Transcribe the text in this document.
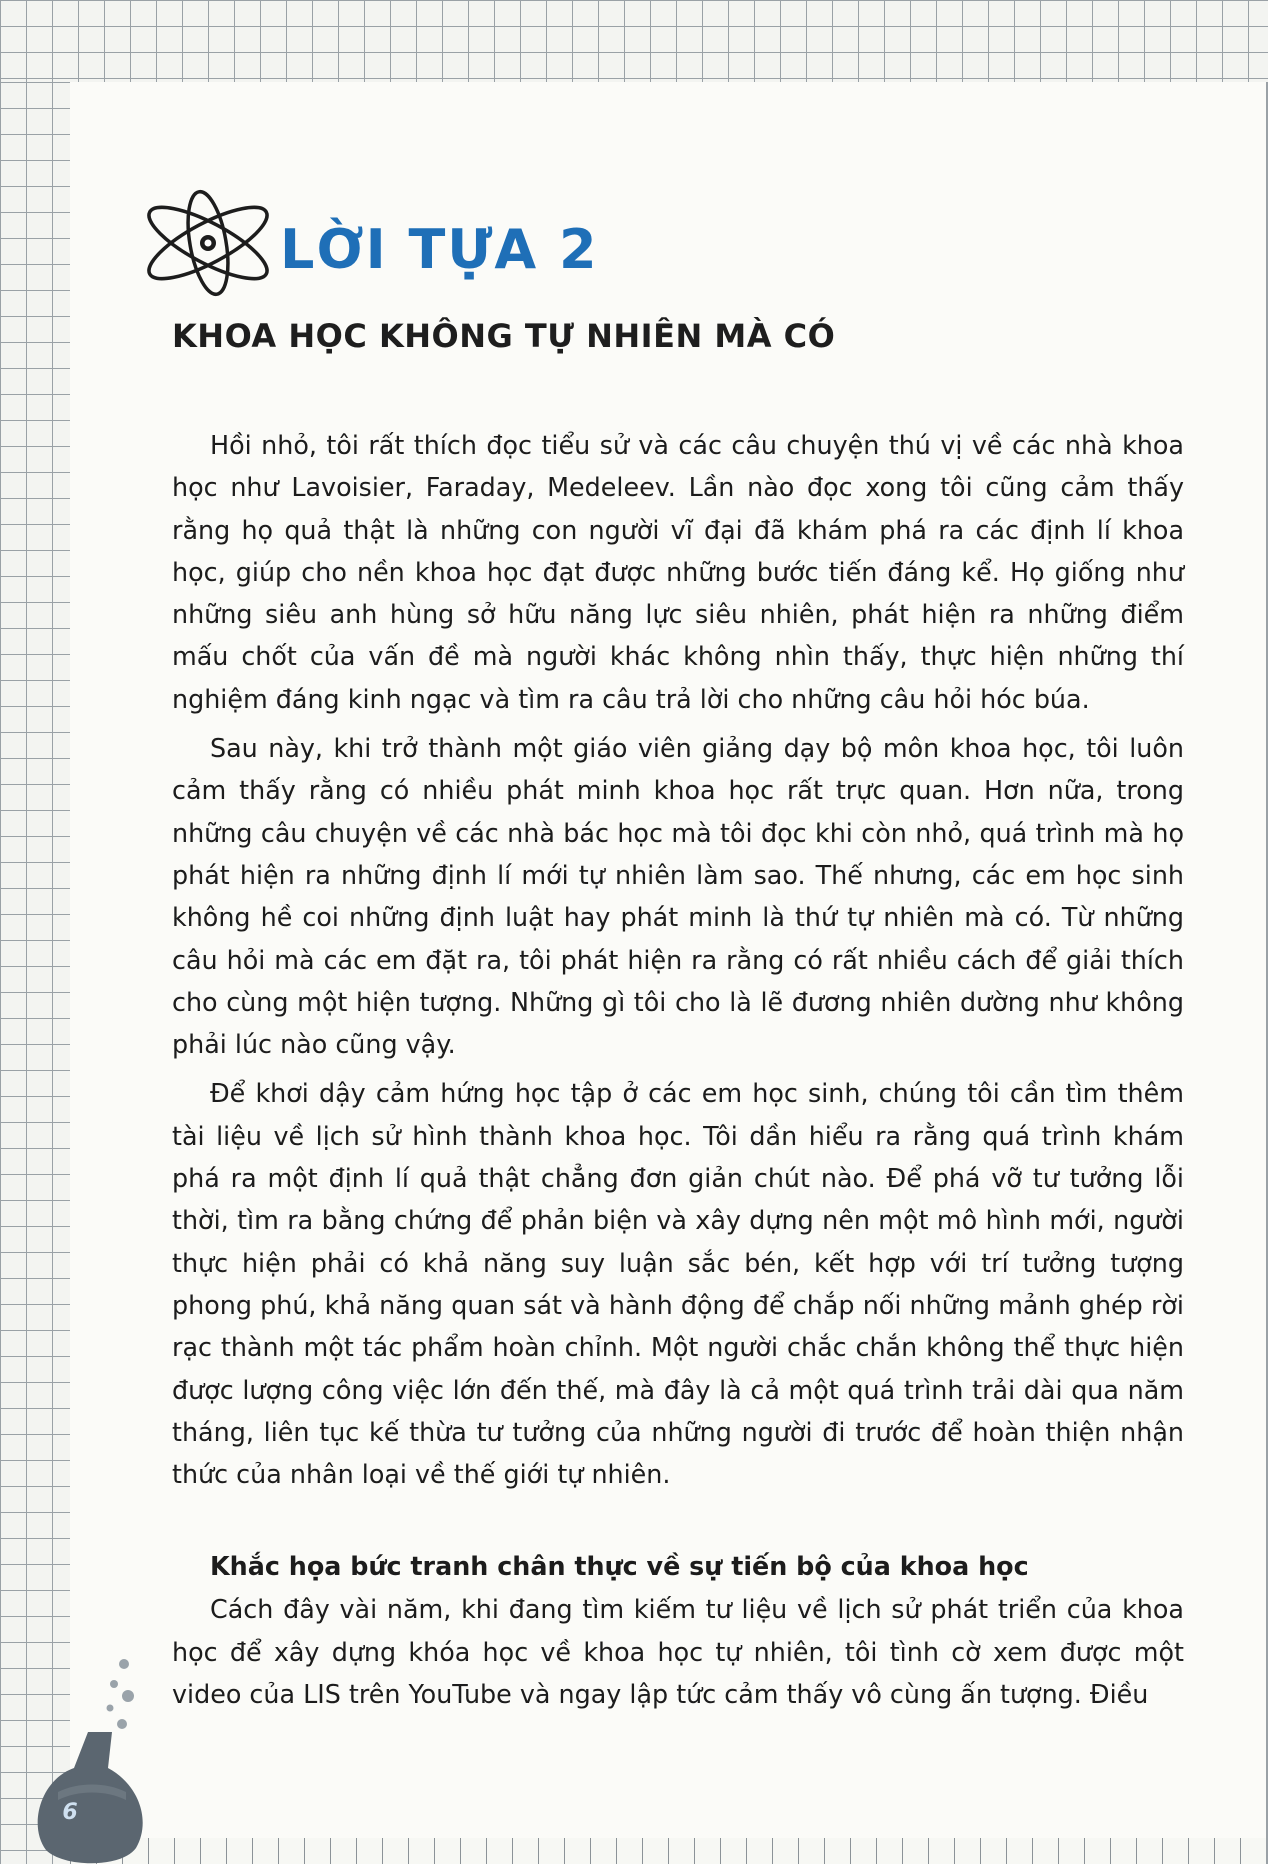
LỜI TỰA 2
KHOA HỌC KHÔNG TỰ NHIÊN MÀ CÓ

Hồi nhỏ, tôi rất thích đọc tiểu sử và các câu chuyện thú vị về các nhà khoa học như Lavoisier, Faraday, Medeleev. Lần nào đọc xong tôi cũng cảm thấy rằng họ quả thật là những con người vĩ đại đã khám phá ra các định lí khoa học, giúp cho nền khoa học đạt được những bước tiến đáng kể. Họ giống như những siêu anh hùng sở hữu năng lực siêu nhiên, phát hiện ra những điểm mấu chốt của vấn đề mà người khác không nhìn thấy, thực hiện những thí nghiệm đáng kinh ngạc và tìm ra câu trả lời cho những câu hỏi hóc búa.

Sau này, khi trở thành một giáo viên giảng dạy bộ môn khoa học, tôi luôn cảm thấy rằng có nhiều phát minh khoa học rất trực quan. Hơn nữa, trong những câu chuyện về các nhà bác học mà tôi đọc khi còn nhỏ, quá trình mà họ phát hiện ra những định lí mới tự nhiên làm sao. Thế nhưng, các em học sinh không hề coi những định luật hay phát minh là thứ tự nhiên mà có. Từ những câu hỏi mà các em đặt ra, tôi phát hiện ra rằng có rất nhiều cách để giải thích cho cùng một hiện tượng. Những gì tôi cho là lẽ đương nhiên dường như không phải lúc nào cũng vậy.

Để khơi dậy cảm hứng học tập ở các em học sinh, chúng tôi cần tìm thêm tài liệu về lịch sử hình thành khoa học. Tôi dần hiểu ra rằng quá trình khám phá ra một định lí quả thật chẳng đơn giản chút nào. Để phá vỡ tư tưởng lỗi thời, tìm ra bằng chứng để phản biện và xây dựng nên một mô hình mới, người thực hiện phải có khả năng suy luận sắc bén, kết hợp với trí tưởng tượng phong phú, khả năng quan sát và hành động để chắp nối những mảnh ghép rời rạc thành một tác phẩm hoàn chỉnh. Một người chắc chắn không thể thực hiện được lượng công việc lớn đến thế, mà đây là cả một quá trình trải dài qua năm tháng, liên tục kế thừa tư tưởng của những người đi trước để hoàn thiện nhận thức của nhân loại về thế giới tự nhiên.

Khắc họa bức tranh chân thực về sự tiến bộ của khoa học

Cách đây vài năm, khi đang tìm kiếm tư liệu về lịch sử phát triển của khoa học để xây dựng khóa học về khoa học tự nhiên, tôi tình cờ xem được một video của LIS trên YouTube và ngay lập tức cảm thấy vô cùng ấn tượng. Điều

6
